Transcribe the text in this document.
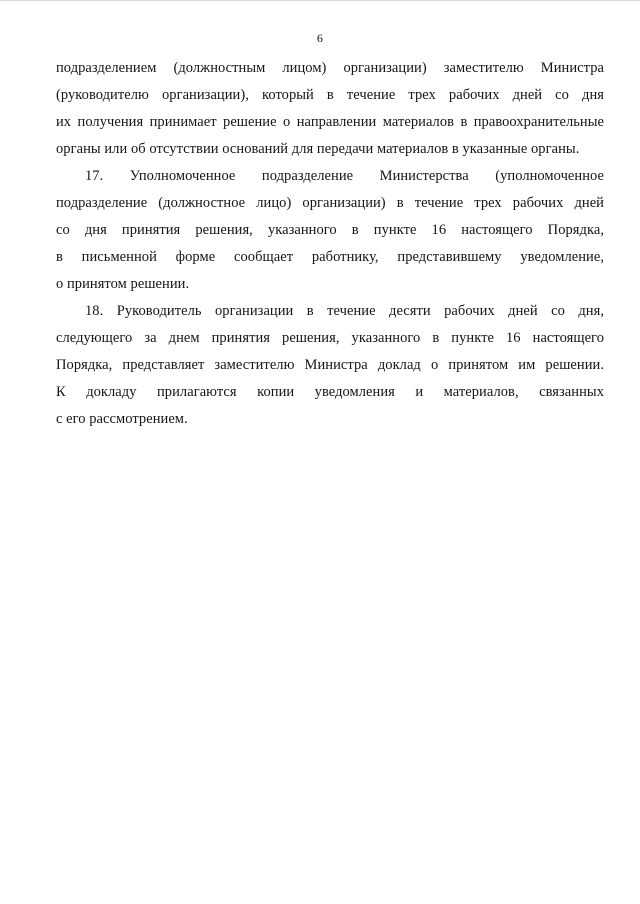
6
подразделением (должностным лицом) организации) заместителю Министра
(руководителю организации), который в течение трех рабочих дней со дня
их получения принимает решение о направлении материалов в правоохранительные
органы или об отсутствии оснований для передачи материалов в указанные органы.
17. Уполномоченное подразделение Министерства (уполномоченное
подразделение (должностное лицо) организации) в течение трех рабочих дней
со дня принятия решения, указанного в пункте 16 настоящего Порядка,
в письменной форме сообщает работнику, представившему уведомление,
о принятом решении.
18. Руководитель организации в течение десяти рабочих дней со дня,
следующего за днем принятия решения, указанного в пункте 16 настоящего
Порядка, представляет заместителю Министра доклад о принятом им решении.
К докладу прилагаются копии уведомления и материалов, связанных
с его рассмотрением.
